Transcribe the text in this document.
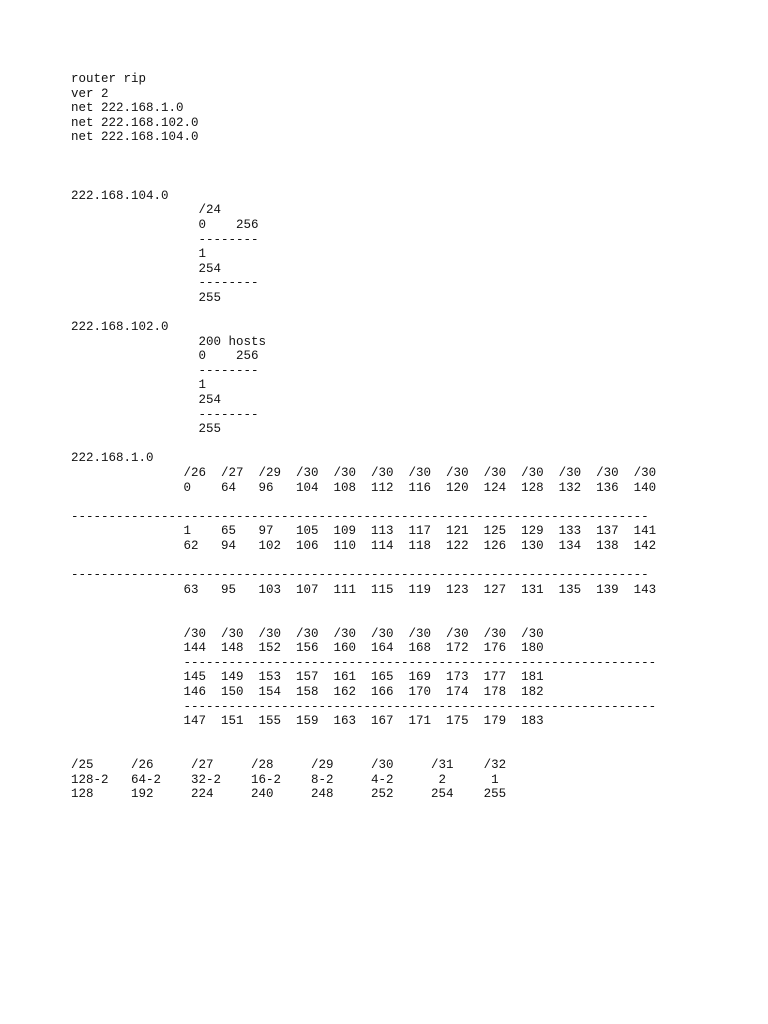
router rip
ver 2
net 222.168.1.0
net 222.168.102.0
net 222.168.104.0
222.168.104.0
/24
0    256
--------
1
254
--------
255
222.168.102.0
200 hosts
0    256
--------
1
254
--------
255
222.168.1.0
/26  /27  /29  /30  /30  /30  /30  /30  /30  /30  /30  /30  /30
0    64   96   104  108  112  116  120  124  128  132  136  140

-----------------------------------------------------------------------------
1    65   97   105  109  113  117  121  125  129  133  137  141
62   94   102  106  110  114  118  122  126  130  134  138  142

-----------------------------------------------------------------------------
63   95   103  107  111  115  119  123  127  131  135  139  143

/30  /30  /30  /30  /30  /30  /30  /30  /30  /30
144  148  152  156  160  164  168  172  176  180
---------------------------------------------------------------
145  149  153  157  161  165  169  173  177  181
146  150  154  158  162  166  170  174  178  182
---------------------------------------------------------------
147  151  155  159  163  167  171  175  179  183
/25     /26     /27     /28     /29     /30     /31    /32
128-2   64-2    32-2    16-2    8-2     4-2      2      1
128     192     224     240     248     252     254    255
